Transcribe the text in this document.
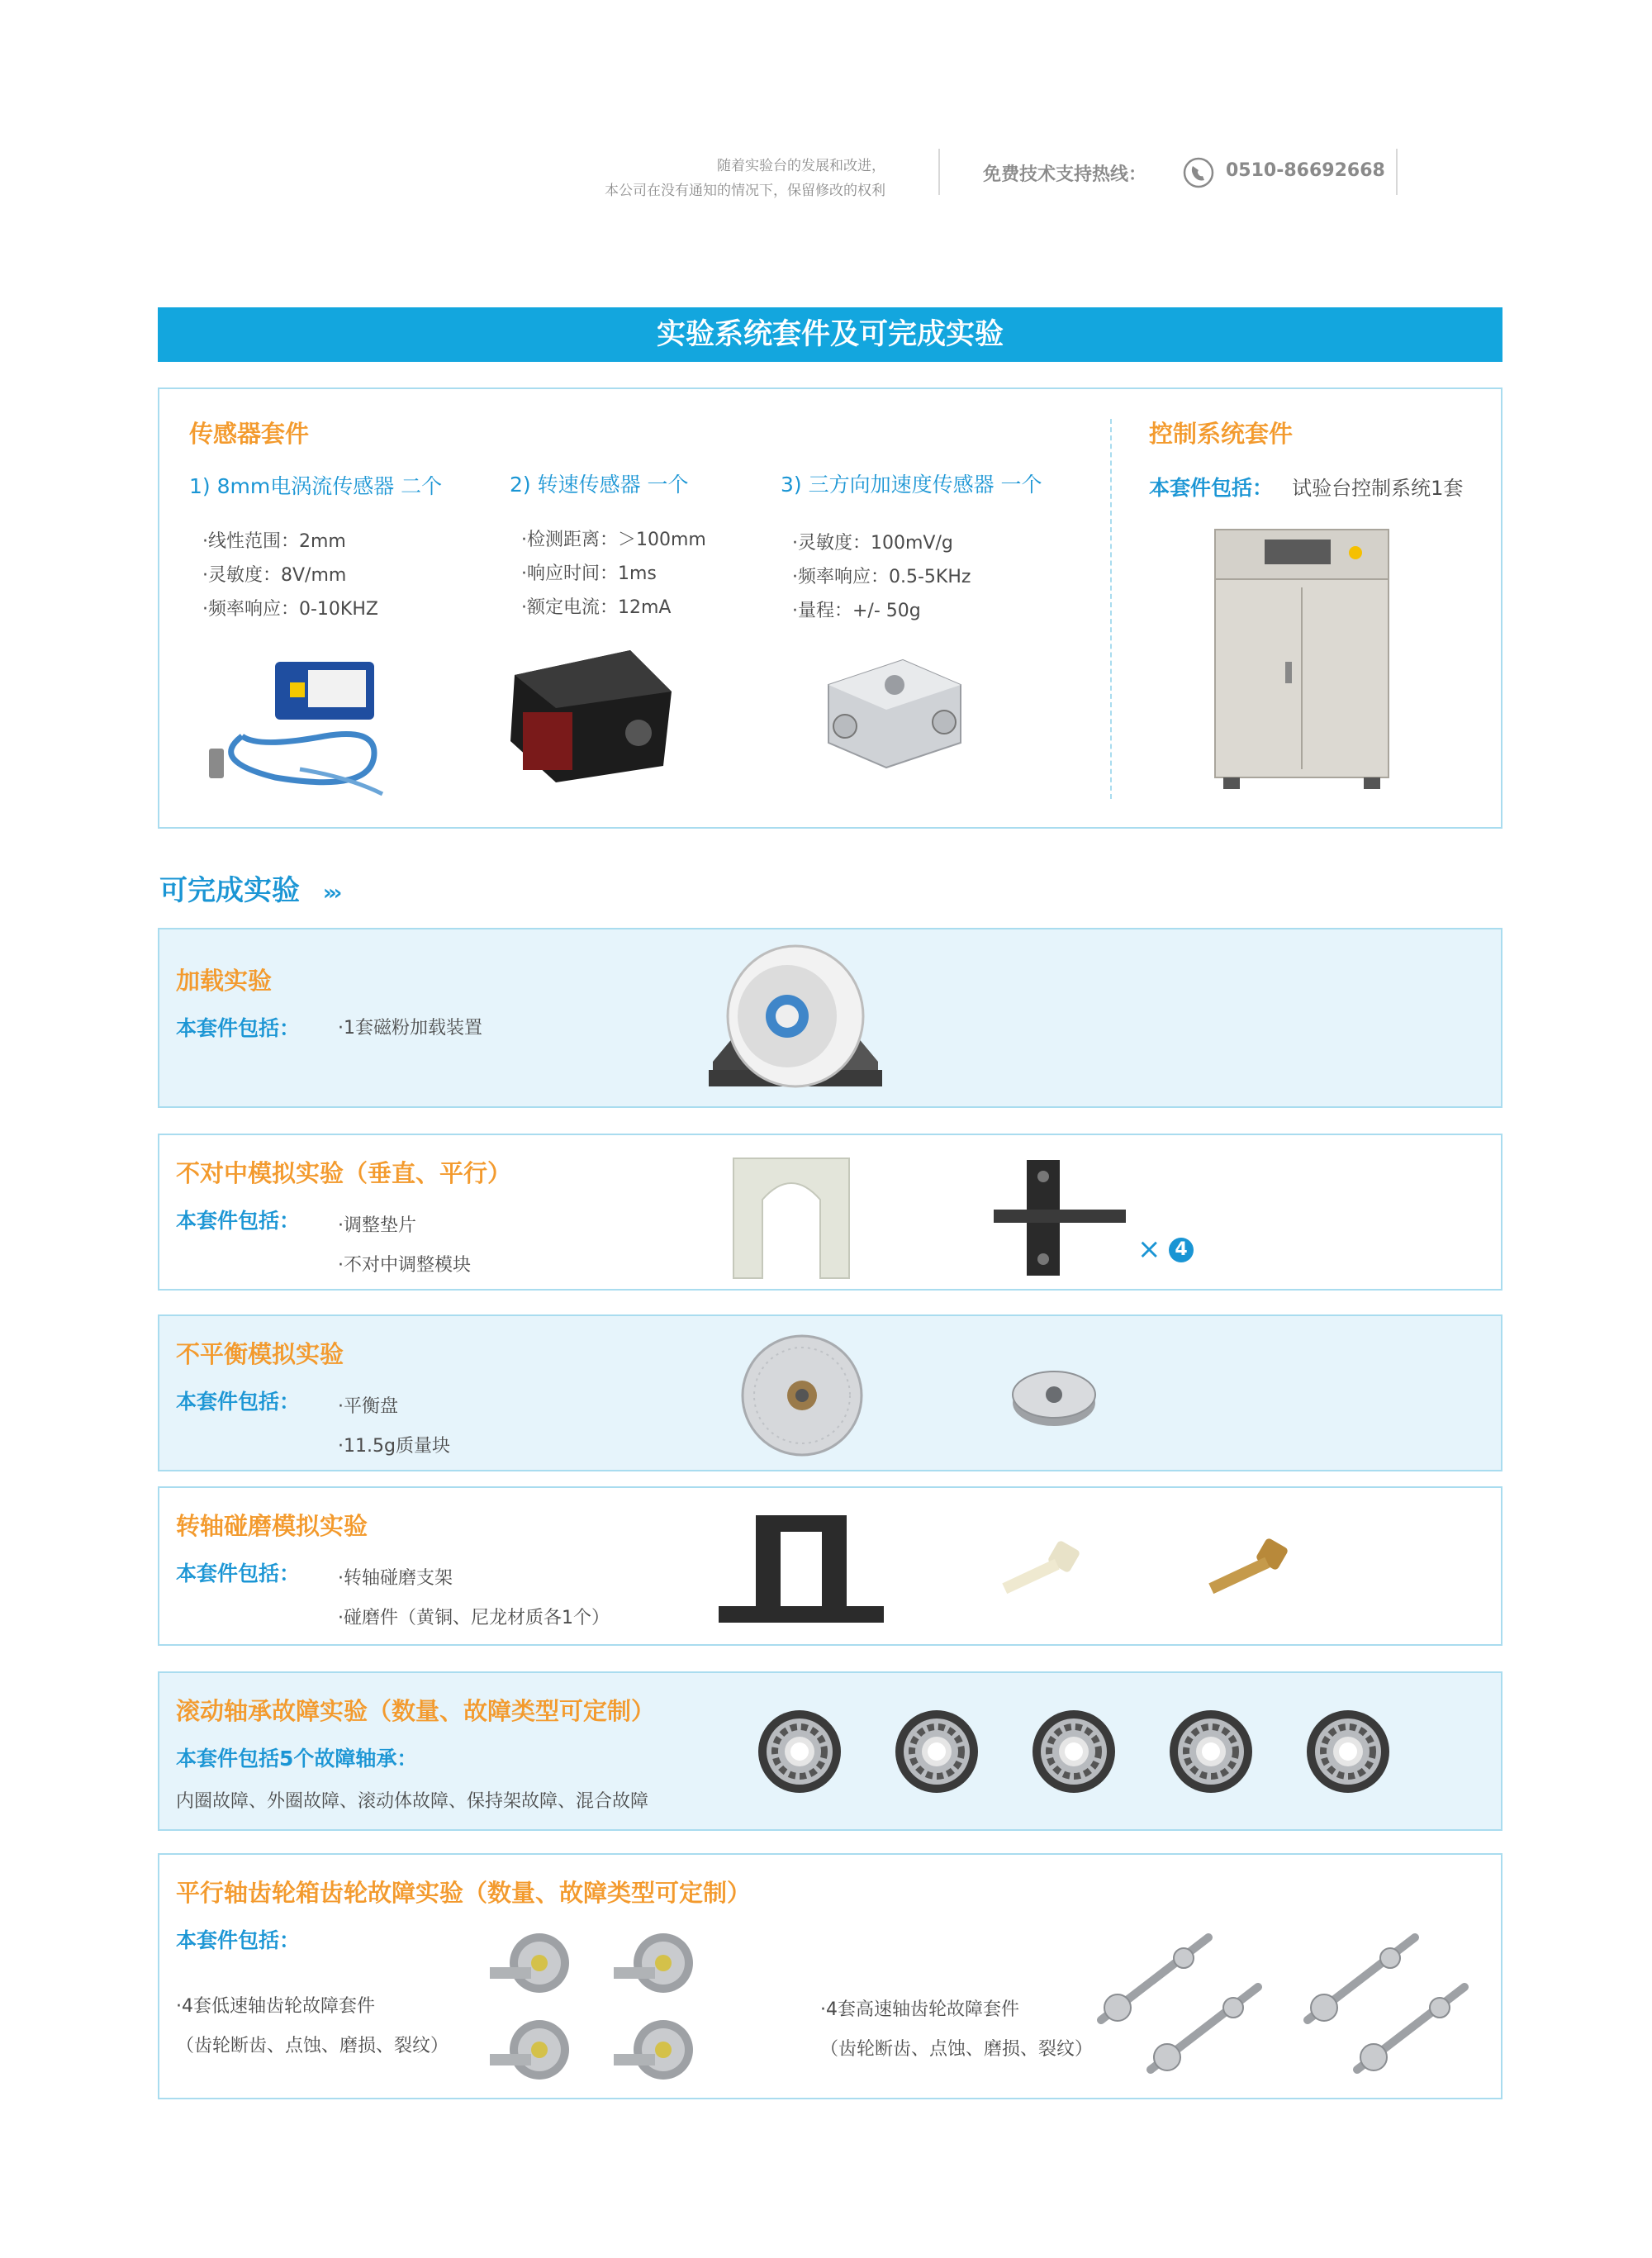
随着实验台的发展和改进，
本公司在没有通知的情况下，保留修改的权利
免费技术支持热线：	0510-86692668
实验系统套件及可完成实验
传感器套件
1) 8mm电涡流传感器 二个
·线性范围：2mm
·灵敏度：8V/mm
·频率响应：0-10KHZ
2) 转速传感器 一个
·检测距离：＞100mm
·响应时间：1ms
·额定电流：12mA
3) 三方向加速度传感器 一个
·灵敏度：100mV/g
·频率响应：0.5-5KHz
·量程：+/- 50g
控制系统套件
本套件包括： 试验台控制系统1套
可完成实验 »›
加载实验
本套件包括： ·1套磁粉加载装置
不对中模拟实验（垂直、平行）
本套件包括： ·调整垫片
·不对中调整模块	× 4
不平衡模拟实验
本套件包括： ·平衡盘
·11.5g质量块
转轴碰磨模拟实验
本套件包括： ·转轴碰磨支架
·碰磨件（黄铜、尼龙材质各1个）
滚动轴承故障实验（数量、故障类型可定制）
本套件包括5个故障轴承：
内圈故障、外圈故障、滚动体故障、保持架故障、混合故障
平行轴齿轮箱齿轮故障实验（数量、故障类型可定制）
本套件包括：
·4套低速轴齿轮故障套件
（齿轮断齿、点蚀、磨损、裂纹）
·4套高速轴齿轮故障套件
（齿轮断齿、点蚀、磨损、裂纹）
